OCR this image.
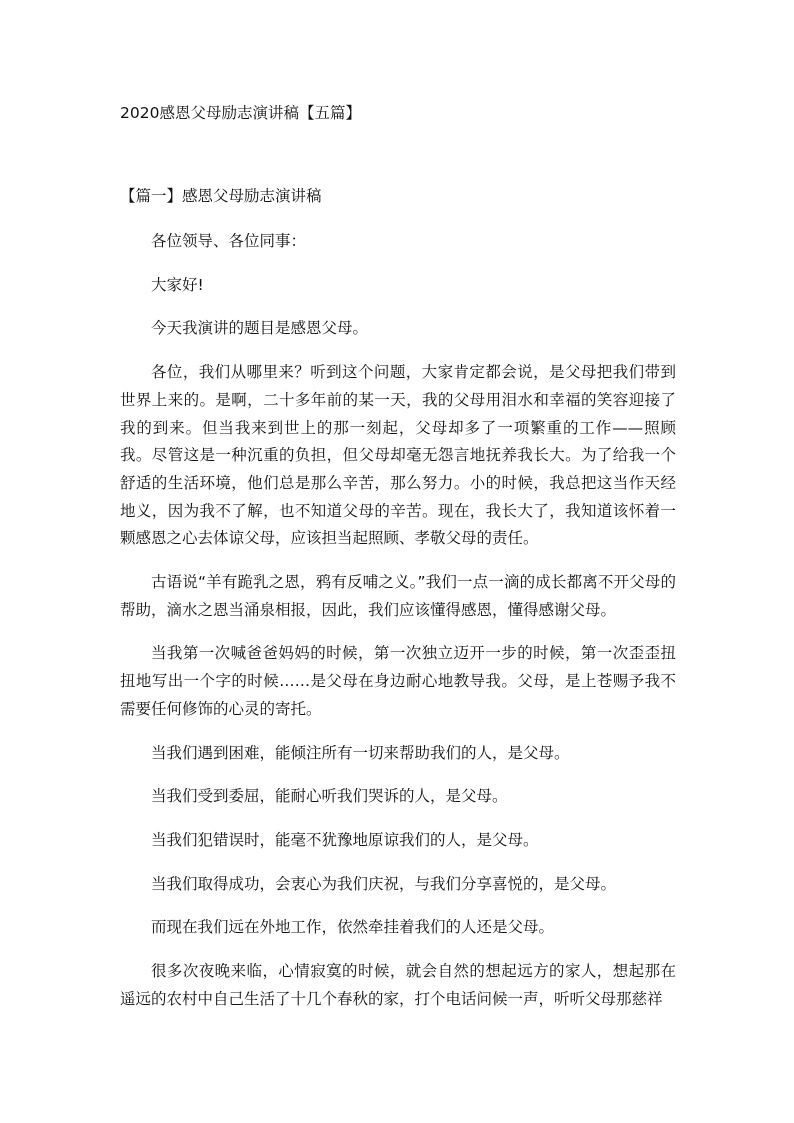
2020感恩父母励志演讲稿【五篇】
【篇一】感恩父母励志演讲稿

各位领导、各位同事：

大家好!

今天我演讲的题目是感恩父母。

各位，我们从哪里来？听到这个问题，大家肯定都会说，是父母把我们带到世界上来的。是啊，二十多年前的某一天，我的父母用泪水和幸福的笑容迎接了我的到来。但当我来到世上的那一刻起，父母却多了一项繁重的工作——照顾我。尽管这是一种沉重的负担，但父母却毫无怨言地抚养我长大。为了给我一个舒适的生活环境，他们总是那么辛苦，那么努力。小的时候，我总把这当作天经地义，因为我不了解，也不知道父母的辛苦。现在，我长大了，我知道该怀着一颗感恩之心去体谅父母，应该担当起照顾、孝敬父母的责任。

古语说“羊有跪乳之恩，鸦有反哺之义。”我们一点一滴的成长都离不开父母的帮助，滴水之恩当涌泉相报，因此，我们应该懂得感恩，懂得感谢父母。

当我第一次喊爸爸妈妈的时候，第一次独立迈开一步的时候，第一次歪歪扭扭地写出一个字的时候……是父母在身边耐心地教导我。父母，是上苍赐予我不需要任何修饰的心灵的寄托。

当我们遇到困难，能倾注所有一切来帮助我们的人，是父母。

当我们受到委屈，能耐心听我们哭诉的人，是父母。

当我们犯错误时，能毫不犹豫地原谅我们的人，是父母。

当我们取得成功，会衷心为我们庆祝，与我们分享喜悦的，是父母。

而现在我们远在外地工作，依然牵挂着我们的人还是父母。

很多次夜晚来临，心情寂寞的时候，就会自然的想起远方的家人，想起那在遥远的农村中自己生活了十几个春秋的家，打个电话问候一声，听听父母那慈祥
